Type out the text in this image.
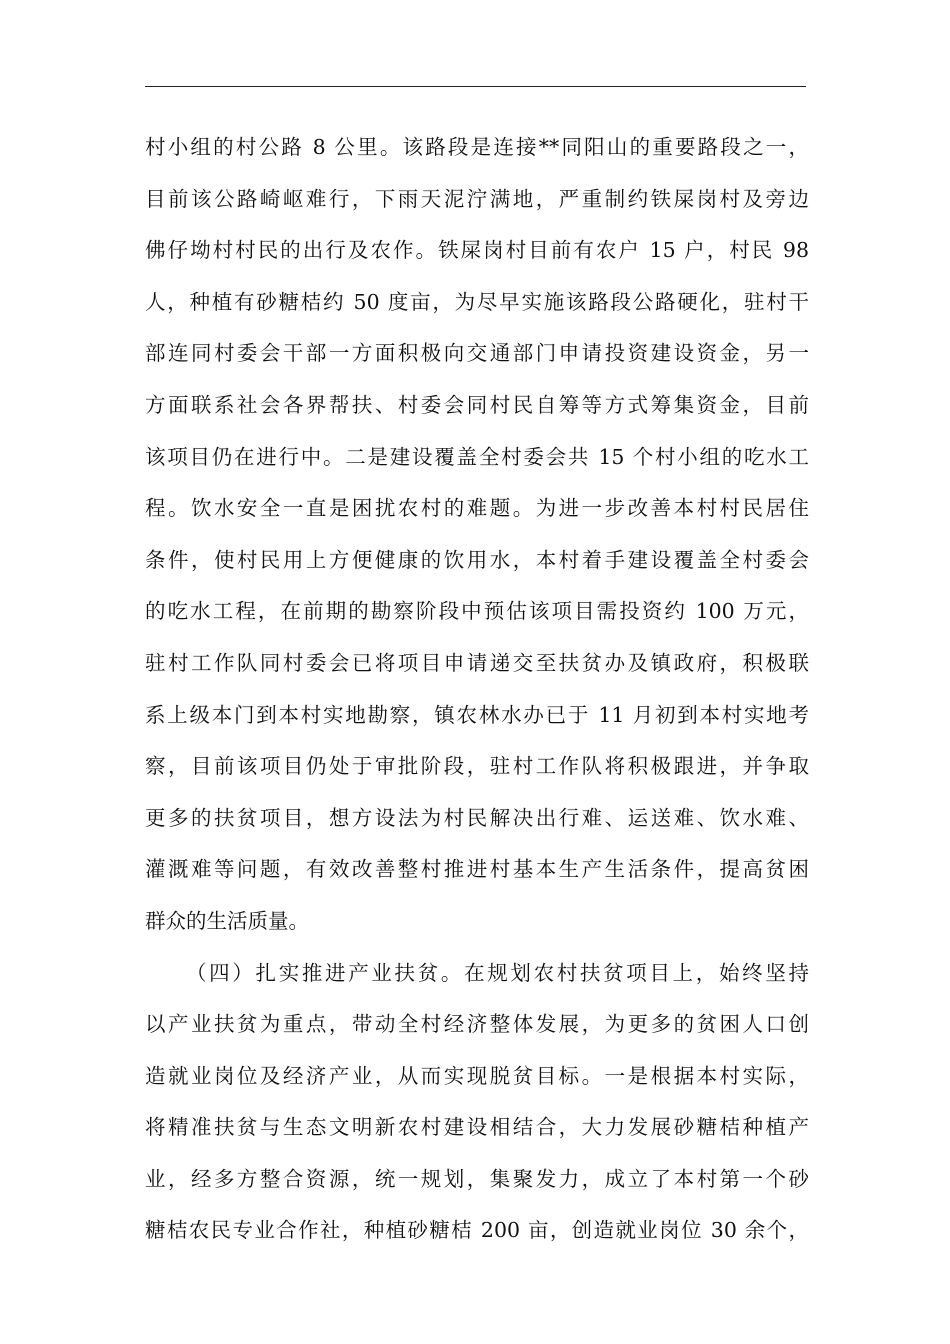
村小组的村公路 8 公里。该路段是连接**同阳山的重要路段之一，
目前该公路崎岖难行，下雨天泥泞满地，严重制约铁屎岗村及旁边
佛仔坳村村民的出行及农作。铁屎岗村目前有农户 15 户，村民 98
人，种植有砂糖桔约 50 度亩，为尽早实施该路段公路硬化，驻村干
部连同村委会干部一方面积极向交通部门申请投资建设资金，另一
方面联系社会各界帮扶、村委会同村民自筹等方式筹集资金，目前
该项目仍在进行中。二是建设覆盖全村委会共 15 个村小组的吃水工
程。饮水安全一直是困扰农村的难题。为进一步改善本村村民居住
条件，使村民用上方便健康的饮用水，本村着手建设覆盖全村委会
的吃水工程，在前期的勘察阶段中预估该项目需投资约 100 万元，
驻村工作队同村委会已将项目申请递交至扶贫办及镇政府，积极联
系上级本门到本村实地勘察，镇农林水办已于 11 月初到本村实地考
察，目前该项目仍处于审批阶段，驻村工作队将积极跟进，并争取
更多的扶贫项目，想方设法为村民解决出行难、运送难、饮水难、
灌溉难等问题，有效改善整村推进村基本生产生活条件，提高贫困
群众的生活质量。
（四）扎实推进产业扶贫。在规划农村扶贫项目上，始终坚持
以产业扶贫为重点，带动全村经济整体发展，为更多的贫困人口创
造就业岗位及经济产业，从而实现脱贫目标。一是根据本村实际，
将精准扶贫与生态文明新农村建设相结合，大力发展砂糖桔种植产
业，经多方整合资源，统一规划，集聚发力，成立了本村第一个砂
糖桔农民专业合作社，种植砂糖桔 200 亩，创造就业岗位 30 余个，
